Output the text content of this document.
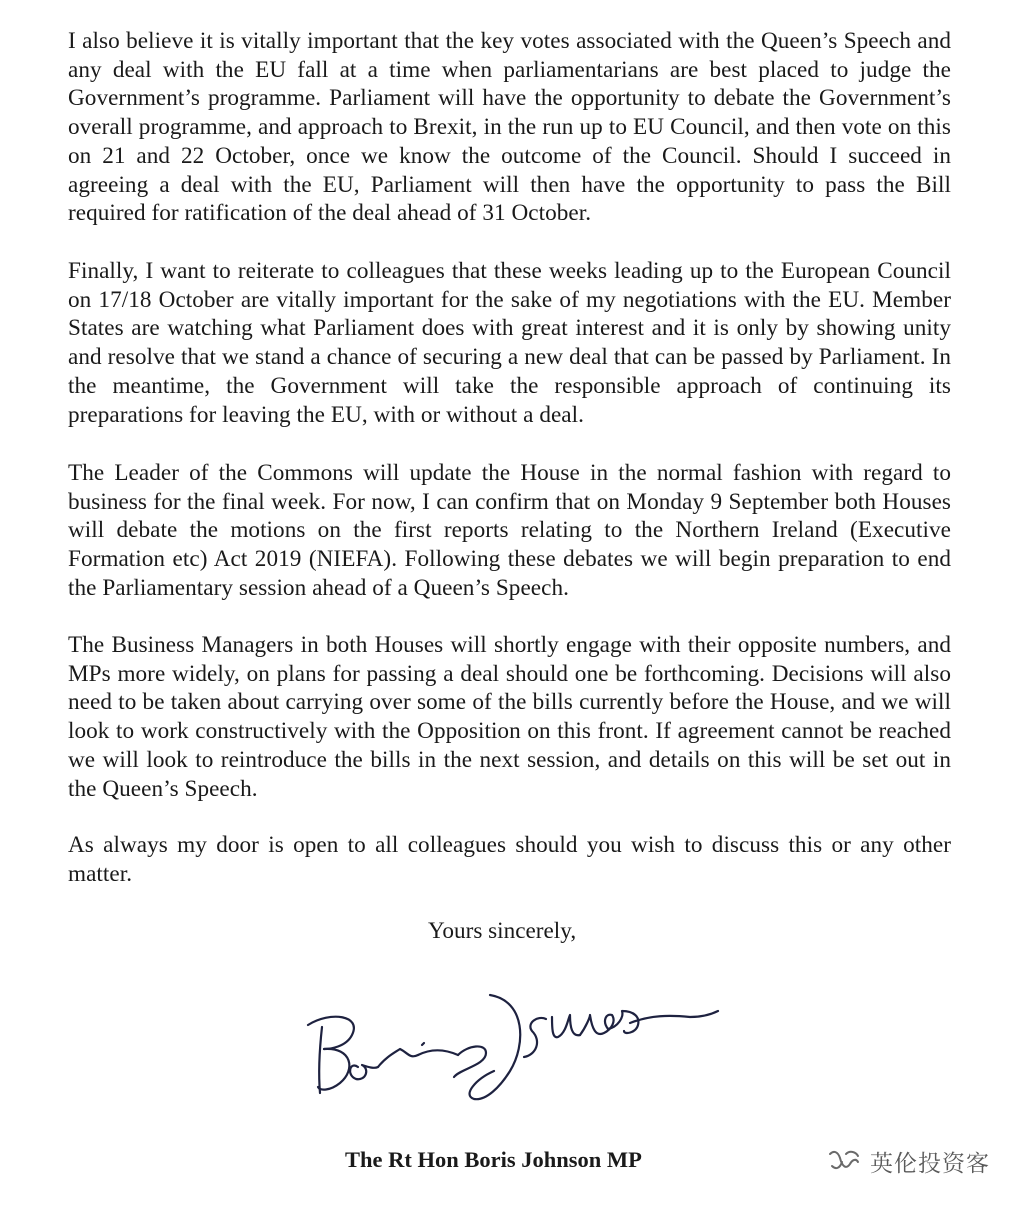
I also believe it is vitally important that the key votes associated with the Queen’s Speech and any deal with the EU fall at a time when parliamentarians are best placed to judge the Government’s programme. Parliament will have the opportunity to debate the Government’s overall programme, and approach to Brexit, in the run up to EU Council, and then vote on this on 21 and 22 October, once we know the outcome of the Council. Should I succeed in agreeing a deal with the EU, Parliament will then have the opportunity to pass the Bill required for ratification of the deal ahead of 31 October.

Finally, I want to reiterate to colleagues that these weeks leading up to the European Council on 17/18 October are vitally important for the sake of my negotiations with the EU. Member States are watching what Parliament does with great interest and it is only by showing unity and resolve that we stand a chance of securing a new deal that can be passed by Parliament. In the meantime, the Government will take the responsible approach of continuing its preparations for leaving the EU, with or without a deal.

The Leader of the Commons will update the House in the normal fashion with regard to business for the final week. For now, I can confirm that on Monday 9 September both Houses will debate the motions on the first reports relating to the Northern Ireland (Executive Formation etc) Act 2019 (NIEFA). Following these debates we will begin preparation to end the Parliamentary session ahead of a Queen’s Speech.

The Business Managers in both Houses will shortly engage with their opposite numbers, and MPs more widely, on plans for passing a deal should one be forthcoming. Decisions will also need to be taken about carrying over some of the bills currently before the House, and we will look to work constructively with the Opposition on this front. If agreement cannot be reached we will look to reintroduce the bills in the next session, and details on this will be set out in the Queen’s Speech.

As always my door is open to all colleagues should you wish to discuss this or any other matter.

Yours sincerely,

The Rt Hon Boris Johnson MP	英伦投资客
